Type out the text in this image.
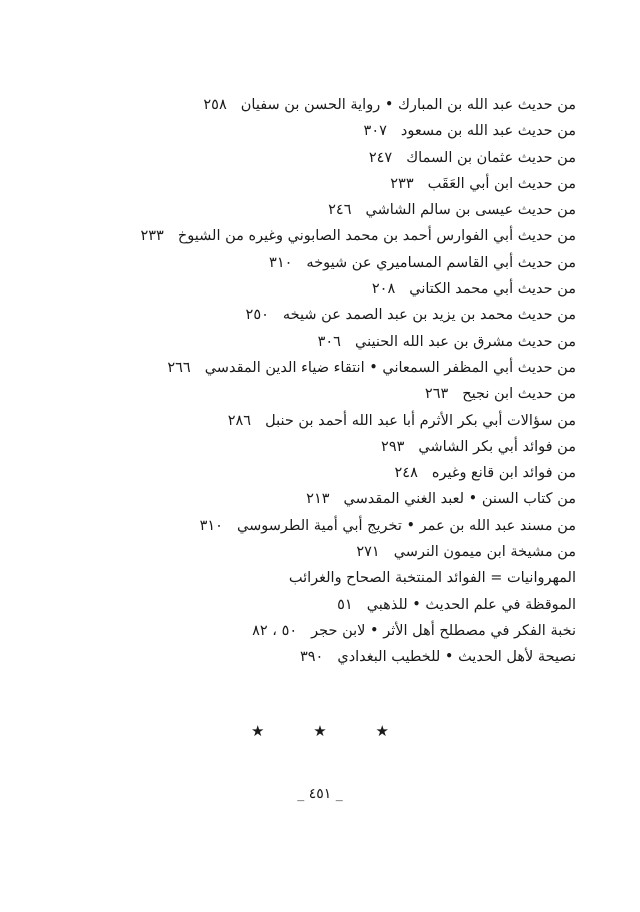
من حديث عبد الله بن المبارك • رواية الحسن بن سفيان٢٥٨
من حديث عبد الله بن مسعود٣٠٧
من حديث عثمان بن السماك٢٤٧
من حديث ابن أبي العَقَب٢٣٣
من حديث عيسى بن سالم الشاشي٢٤٦
من حديث أبي الفوارس أحمد بن محمد الصابوني وغيره من الشيوخ٢٣٣
من حديث أبي القاسم المساميري عن شيوخه٣١٠
من حديث أبي محمد الكتاني٢٠٨
من حديث محمد بن يزيد بن عبد الصمد عن شيخه٢٥٠
من حديث مشرق بن عبد الله الحنيني٣٠٦
من حديث أبي المظفر السمعاني • انتقاء ضياء الدين المقدسي٢٦٦
من حديث ابن نجيح٢٦٣
من سؤالات أبي بكر الأثرم أبا عبد الله أحمد بن حنبل٢٨٦
من فوائد أبي بكر الشاشي٢٩٣
من فوائد ابن قانع وغيره٢٤٨
من كتاب السنن • لعبد الغني المقدسي٢١٣
من مسند عبد الله بن عمر • تخريج أبي أمية الطرسوسي٣١٠
من مشيخة ابن ميمون النرسي٢٧١
المهروانيات = الفوائد المنتخبة الصحاح والغرائب
الموقظة في علم الحديث • للذهبي٥١
نخبة الفكر في مصطلح أهل الأثر • لابن حجر٥٠ ، ٨٢
نصيحة لأهل الحديث • للخطيب البغدادي٣٩٠
★ ★ ★
_ ٤٥١ _
